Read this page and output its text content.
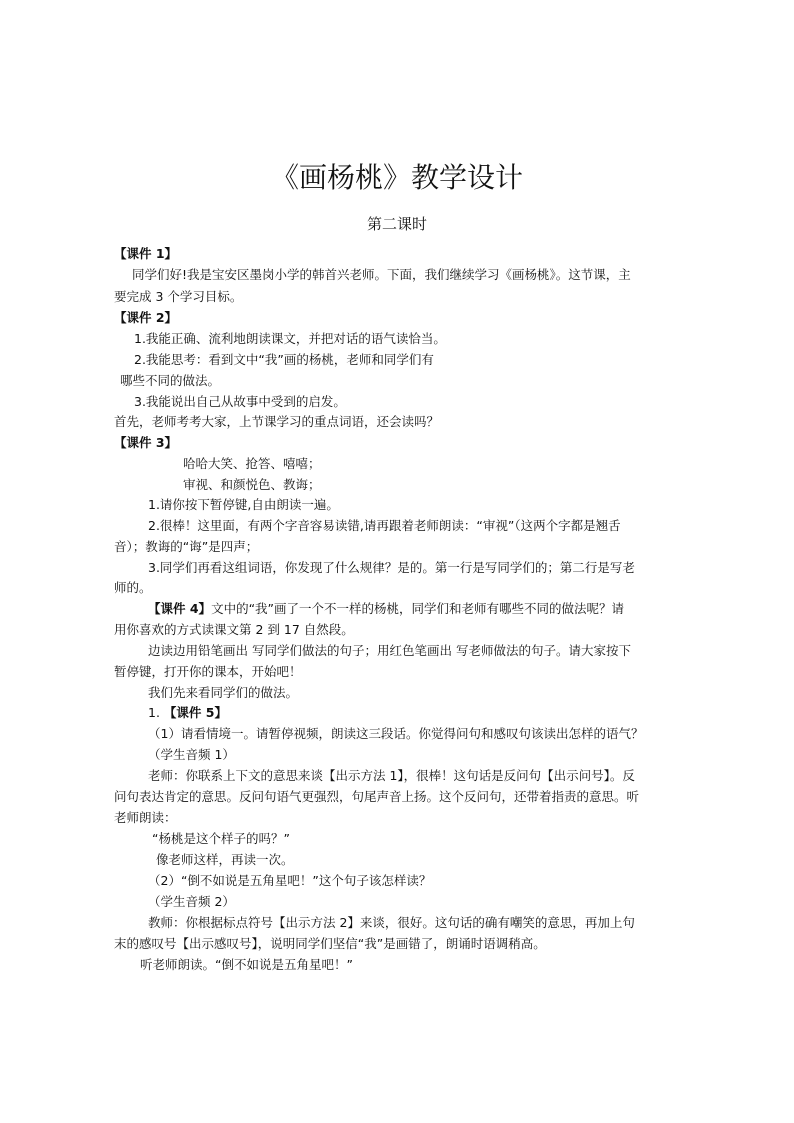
《画杨桃》教学设计
第二课时
【课件 1】
同学们好!我是宝安区墨岗小学的韩首兴老师。下面，我们继续学习《画杨桃》。这节课，主
要完成 3 个学习目标。
【课件 2】
1.我能正确、流利地朗读课文，并把对话的语气读恰当。
2.我能思考：看到文中“我”画的杨桃，老师和同学们有
哪些不同的做法。
3.我能说出自己从故事中受到的启发。
首先，老师考考大家，上节课学习的重点词语，还会读吗？
【课件 3】
哈哈大笑、抢答、嘻嘻；
审视、和颜悦色、教诲；
1.请你按下暂停键,自由朗读一遍。
2.很棒！这里面，有两个字音容易读错,请再跟着老师朗读：“审视”（这两个字都是翘舌
音）；教诲的“诲”是四声；
3.同学们再看这组词语，你发现了什么规律？是的。第一行是写同学们的；第二行是写老
师的。
【课件 4】文中的“我”画了一个不一样的杨桃，同学们和老师有哪些不同的做法呢？请
用你喜欢的方式读课文第 2 到 17 自然段。
边读边用铅笔画出 写同学们做法的句子；用红色笔画出 写老师做法的句子。请大家按下
暂停键，打开你的课本，开始吧！
我们先来看同学们的做法。
1. 【课件 5】
（1）请看情境一。请暂停视频，朗读这三段话。你觉得问句和感叹句该读出怎样的语气？
（学生音频 1）
老师：你联系上下文的意思来谈【出示方法 1】，很棒！这句话是反问句【出示问号】。反
问句表达肯定的意思。反问句语气更强烈，句尾声音上扬。这个反问句，还带着指责的意思。听
老师朗读：
“杨桃是这个样子的吗？”
像老师这样，再读一次。
（2）“倒不如说是五角星吧！”这个句子该怎样读？
（学生音频 2）
教师：你根据标点符号【出示方法 2】来谈，很好。这句话的确有嘲笑的意思，再加上句
末的感叹号【出示感叹号】，说明同学们坚信“我”是画错了，朗诵时语调稍高。
听老师朗读。“倒不如说是五角星吧！”
